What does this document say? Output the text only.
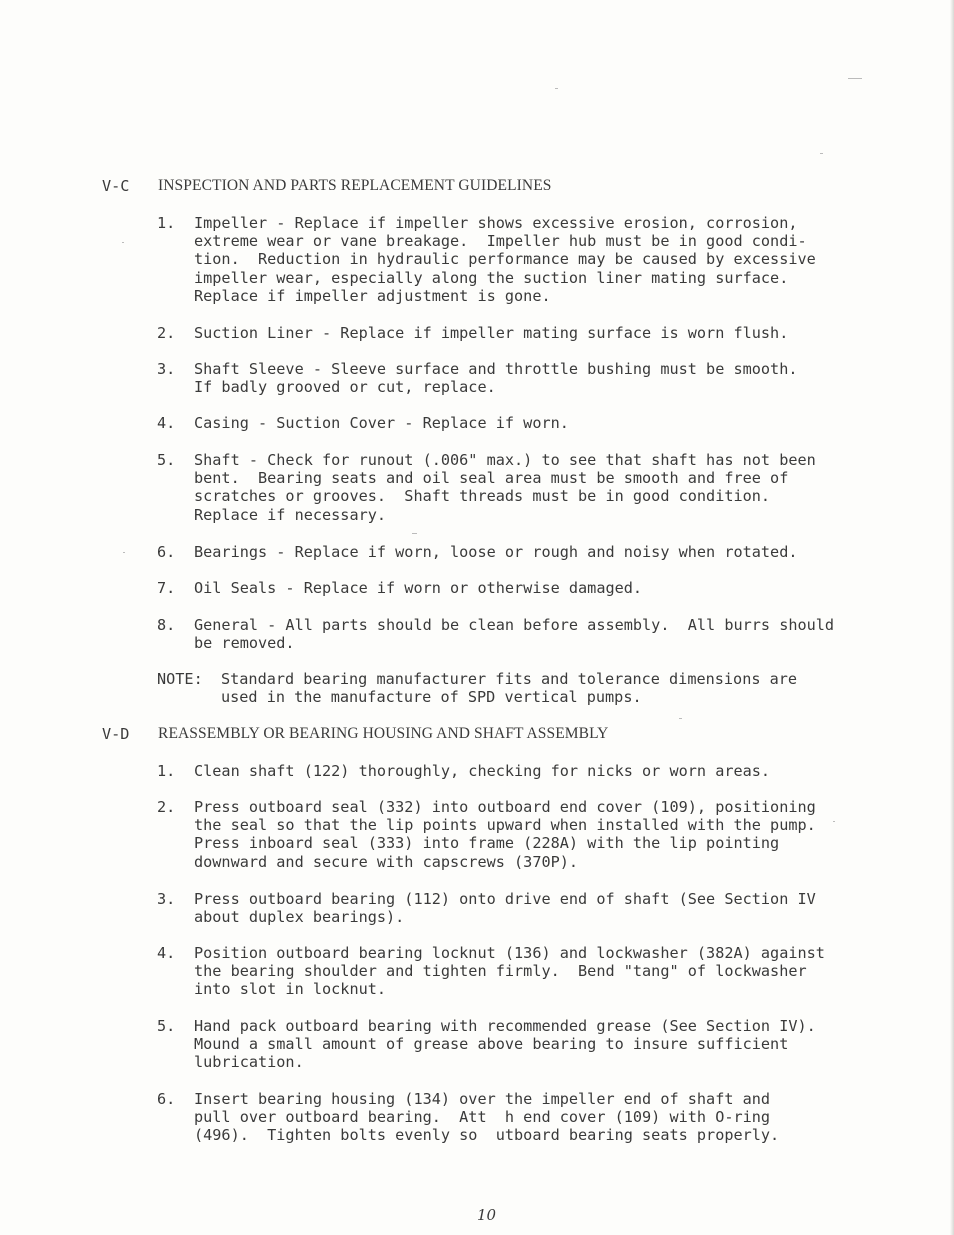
V-C INSPECTION AND PARTS REPLACEMENT GUIDELINES
1. Impeller - Replace if impeller shows excessive erosion, corrosion,
extreme wear or vane breakage.  Impeller hub must be in good condi-
tion.  Reduction in hydraulic performance may be caused by excessive
impeller wear, especially along the suction liner mating surface.
Replace if impeller adjustment is gone.
2. Suction Liner - Replace if impeller mating surface is worn flush.
3. Shaft Sleeve - Sleeve surface and throttle bushing must be smooth.
If badly grooved or cut, replace.
4. Casing - Suction Cover - Replace if worn.
5. Shaft - Check for runout (.006" max.) to see that shaft has not been
bent.  Bearing seats and oil seal area must be smooth and free of
scratches or grooves.  Shaft threads must be in good condition.
Replace if necessary.
6. Bearings - Replace if worn, loose or rough and noisy when rotated.
7. Oil Seals - Replace if worn or otherwise damaged.
8. General - All parts should be clean before assembly.  All burrs should
be removed.
NOTE: Standard bearing manufacturer fits and tolerance dimensions are
used in the manufacture of SPD vertical pumps.
V-D REASSEMBLY OR BEARING HOUSING AND SHAFT ASSEMBLY
1. Clean shaft (122) thoroughly, checking for nicks or worn areas.
2. Press outboard seal (332) into outboard end cover (109), positioning
the seal so that the lip points upward when installed with the pump.
Press inboard seal (333) into frame (228A) with the lip pointing
downward and secure with capscrews (370P).
3. Press outboard bearing (112) onto drive end of shaft (See Section IV
about duplex bearings).
4. Position outboard bearing locknut (136) and lockwasher (382A) against
the bearing shoulder and tighten firmly.  Bend "tang" of lockwasher
into slot in locknut.
5. Hand pack outboard bearing with recommended grease (See Section IV).
Mound a small amount of grease above bearing to insure sufficient
lubrication.
6. Insert bearing housing (134) over the impeller end of shaft and
pull over outboard bearing.  Att  h end cover (109) with O-ring
(496).  Tighten bolts evenly so  utboard bearing seats properly.
10
